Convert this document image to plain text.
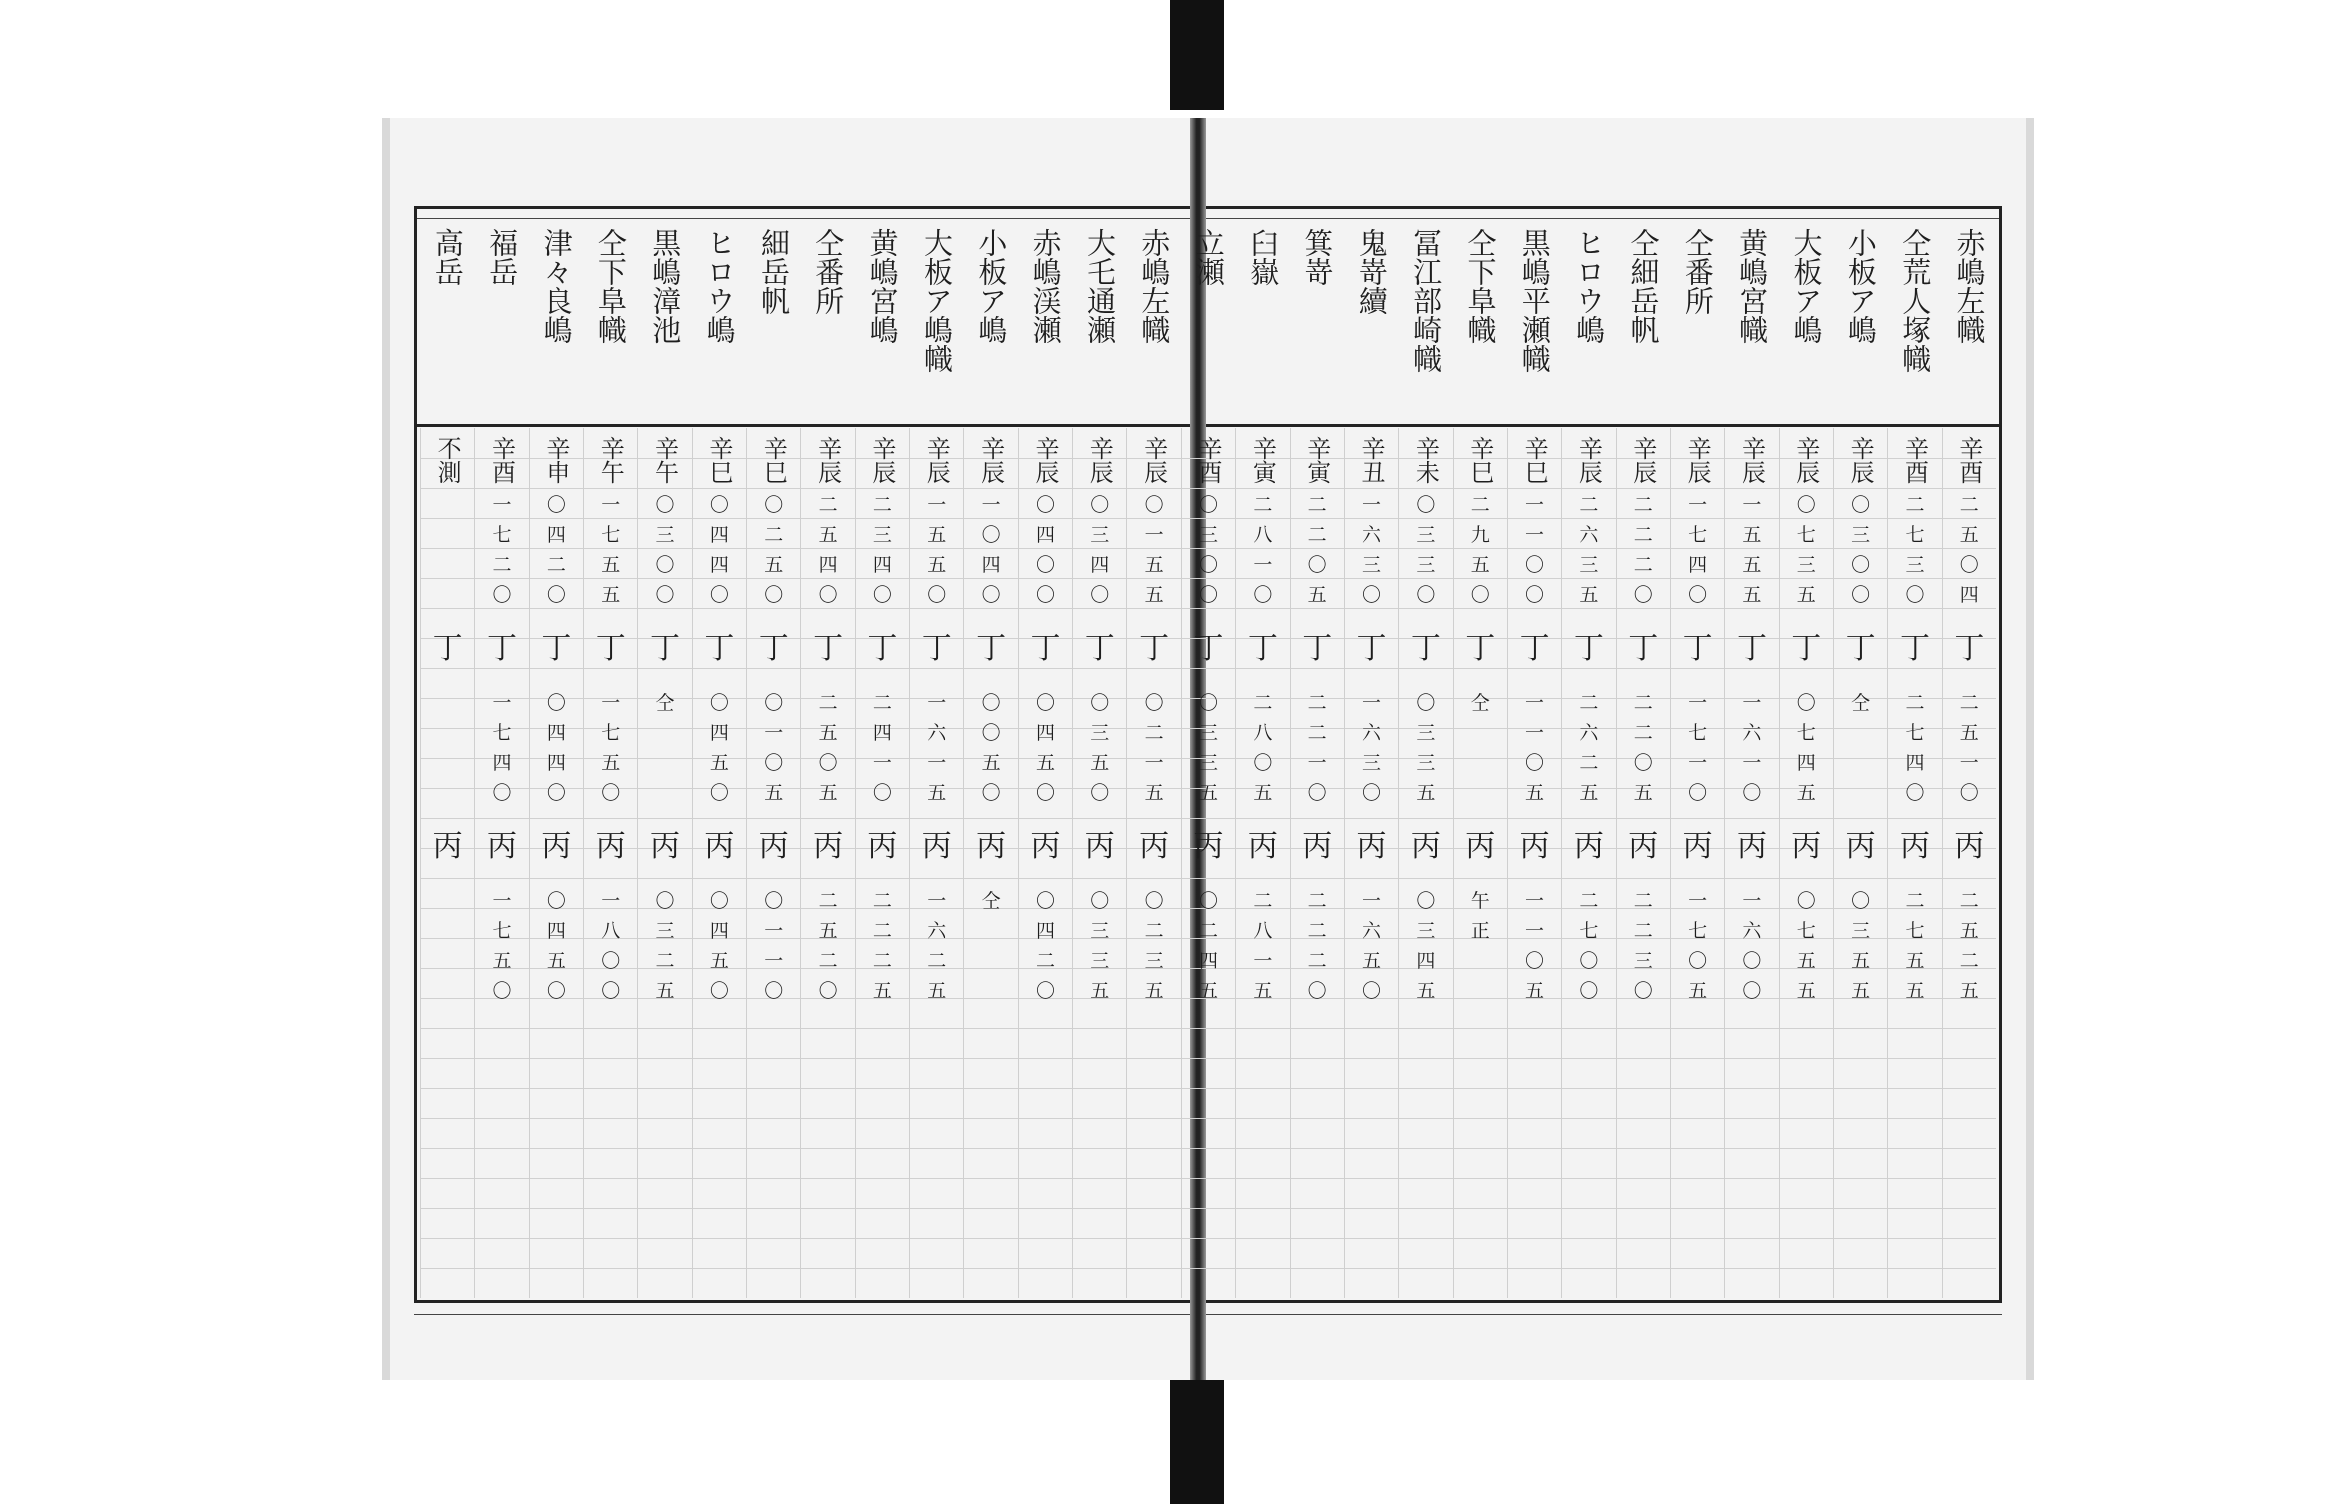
赤嶋左幟
辛酉
二
五
〇
四
丁
二
五
一
〇
丙
二
五
二
五
仝荒人塚幟
辛酉
二
七
三
〇
丁
二
七
四
〇
丙
二
七
五
五
小板ア嶋
辛辰
〇
三
〇
〇
丁
仝
丙
〇
三
五
五
大板ア嶋
辛辰
〇
七
三
五
丁
〇
七
四
五
丙
〇
七
五
五
黄嶋宮幟
辛辰
一
五
五
五
丁
一
六
一
〇
丙
一
六
〇
〇
仝番所
辛辰
一
七
四
〇
丁
一
七
一
〇
丙
一
七
〇
五
仝細岳帆
辛辰
二
二
二
〇
丁
二
二
〇
五
丙
二
二
三
〇
ヒロウ嶋
辛辰
二
六
三
五
丁
二
六
二
五
丙
二
七
〇
〇
黒嶋平瀬幟
辛巳
一
一
〇
〇
丁
一
一
〇
五
丙
一
一
〇
五
仝下阜幟
辛巳
二
九
五
〇
丁
仝
丙
午
正
冨江部崎幟
辛未
〇
三
三
〇
丁
〇
三
三
五
丙
〇
三
四
五
鬼嵜續
辛丑
一
六
三
〇
丁
一
六
三
〇
丙
一
六
五
〇
箕嵜
辛寅
二
二
〇
五
丁
二
二
一
〇
丙
二
二
二
〇
臼嶽
辛寅
二
八
一
〇
丁
二
八
〇
五
丙
二
八
一
五
立瀬
辛酉
〇
三
〇
〇
丁
〇
三
三
五
丙
〇
二
四
五
赤嶋左幟
辛辰
〇
一
五
五
丁
〇
二
一
五
丙
〇
二
三
五
大乇通瀬
辛辰
〇
三
四
〇
丁
〇
三
五
〇
丙
〇
三
三
五
赤嶋渓瀬
辛辰
〇
四
〇
〇
丁
〇
四
五
〇
丙
〇
四
二
〇
小板ア嶋
辛辰
一
〇
四
〇
丁
〇
〇
五
〇
丙
仝
大板ア嶋幟
辛辰
一
五
五
〇
丁
一
六
一
五
丙
一
六
二
五
黄嶋宮嶋
辛辰
二
三
四
〇
丁
二
四
一
〇
丙
二
二
二
五
仝番所
辛辰
二
五
四
〇
丁
二
五
〇
五
丙
二
五
二
〇
細岳帆
辛巳
〇
二
五
〇
丁
〇
一
〇
五
丙
〇
一
一
〇
ヒロウ嶋
辛巳
〇
四
四
〇
丁
〇
四
五
〇
丙
〇
四
五
〇
黒嶋漳池
辛午
〇
三
〇
〇
丁
仝
丙
〇
三
二
五
仝下阜幟
辛午
一
七
五
五
丁
一
七
五
〇
丙
一
八
〇
〇
津々良嶋
辛申
〇
四
二
〇
丁
〇
四
四
〇
丙
〇
四
五
〇
福岳
辛酉
一
七
二
〇
丁
一
七
四
〇
丙
一
七
五
〇
高岳
不測
丁
丙
